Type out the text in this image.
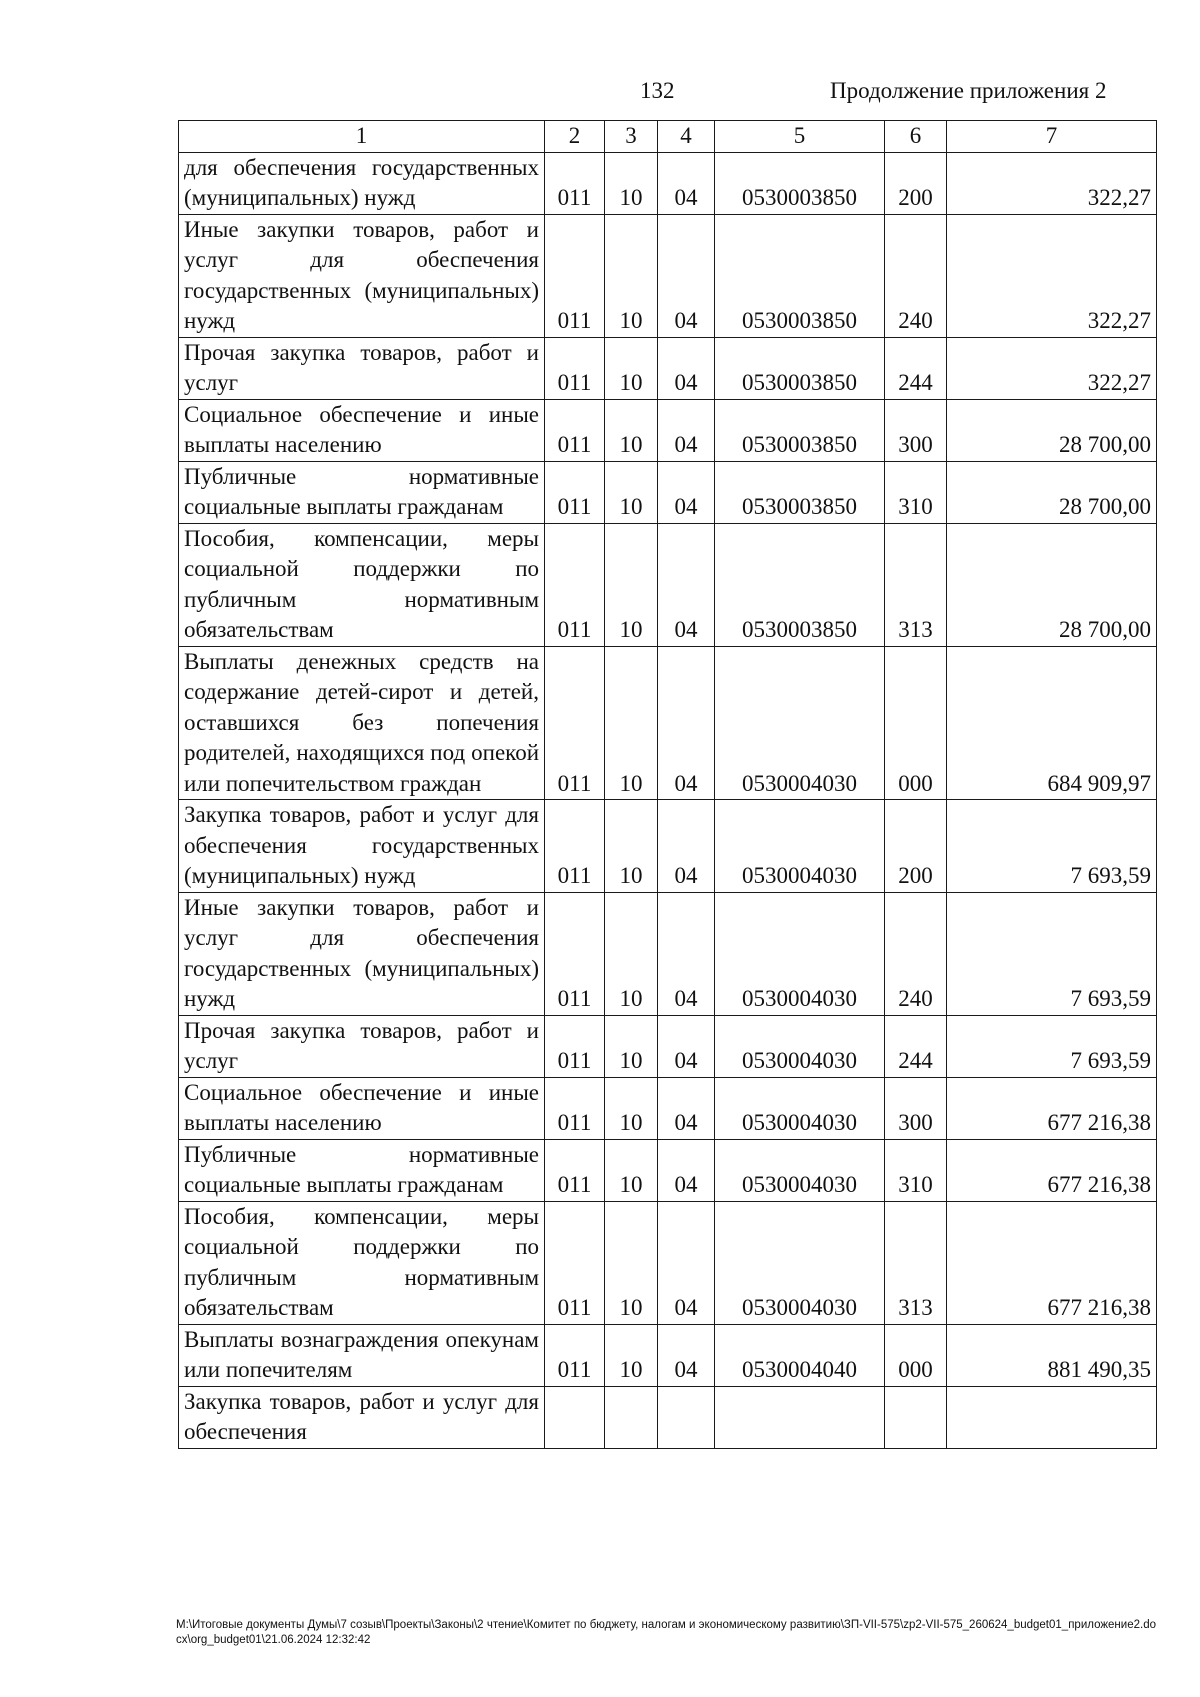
132	Продолжение приложения 2
1	2	3	4	5	6	7
для обеспечения государственных (муниципальных) нужд	011	10	04	0530003850	200	322,27
Иные закупки товаров, работ и услуг для обеспечения государственных (муниципальных) нужд	011	10	04	0530003850	240	322,27
Прочая закупка товаров, работ и услуг	011	10	04	0530003850	244	322,27
Социальное обеспечение и иные выплаты населению	011	10	04	0530003850	300	28 700,00
Публичные нормативные социальные выплаты гражданам	011	10	04	0530003850	310	28 700,00
Пособия, компенсации, меры социальной поддержки по публичным нормативным обязательствам	011	10	04	0530003850	313	28 700,00
Выплаты денежных средств на содержание детей-сирот и детей, оставшихся без попечения родителей, находящихся под опекой или попечительством граждан	011	10	04	0530004030	000	684 909,97
Закупка товаров, работ и услуг для обеспечения государственных (муниципальных) нужд	011	10	04	0530004030	200	7 693,59
Иные закупки товаров, работ и услуг для обеспечения государственных (муниципальных) нужд	011	10	04	0530004030	240	7 693,59
Прочая закупка товаров, работ и услуг	011	10	04	0530004030	244	7 693,59
Социальное обеспечение и иные выплаты населению	011	10	04	0530004030	300	677 216,38
Публичные нормативные социальные выплаты гражданам	011	10	04	0530004030	310	677 216,38
Пособия, компенсации, меры социальной поддержки по публичным нормативным обязательствам	011	10	04	0530004030	313	677 216,38
Выплаты вознаграждения опекунам или попечителям	011	10	04	0530004040	000	881 490,35
Закупка товаров, работ и услуг для обеспечения						
M:\Итоговые документы Думы\7 созыв\Проекты\Законы\2 чтение\Комитет по бюджету, налогам и экономическому развитию\ЗП-VII-575\zp2-VII-575_260624_budget01_приложение2.docx\org_budget01\21.06.2024 12:32:42
